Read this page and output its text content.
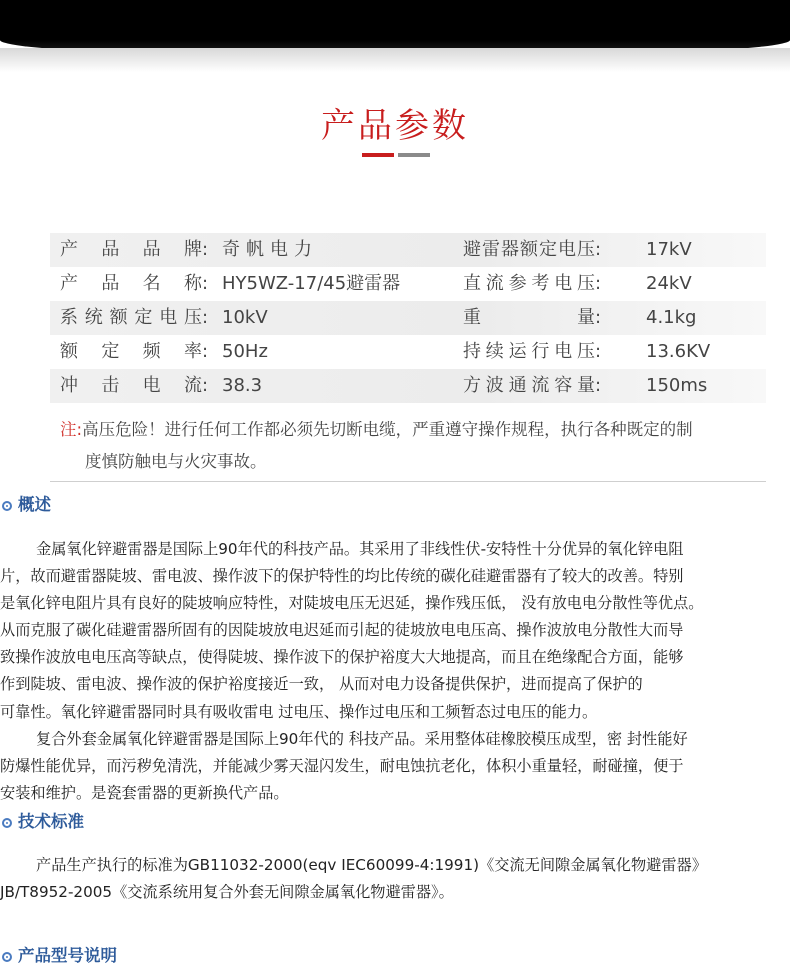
产品参数
产品品牌 : 奇帆电力	避雷器额定电压 : 17kV
产品名称 : HY5WZ-17/45避雷器	直流参考电压 : 24kV
系统额定电压 : 10kV	重量 : 4.1kg
额定频率 : 50Hz	持续运行电压 : 13.6KV
冲击电流 : 38.3	方波通流容量 : 150ms
注:高压危险！进行任何工作都必须先切断电缆，严重遵守操作规程，执行各种既定的制
度慎防触电与火灾事故。
概述
金属氧化锌避雷器是国际上90年代的科技产品。其采用了非线性伏-安特性十分优异的氧化锌电阻
片，故而避雷器陡坡、雷电波、操作波下的保护特性的均比传统的碳化硅避雷器有了较大的改善。特别
是氧化锌电阻片具有良好的陡坡响应特性，对陡坡电压无迟延，操作残压低， 没有放电电分散性等优点。
从而克服了碳化硅避雷器所固有的因陡坡放电迟延而引起的徒坡放电电压高、操作波放电分散性大而导
致操作波放电电压高等缺点，使得陡坡、操作波下的保护裕度大大地提高，而且在绝缘配合方面，能够
作到陡坡、雷电波、操作波的保护裕度接近一致， 从而对电力设备提供保护，进而提高了保护的
可靠性。氧化锌避雷器同时具有吸收雷电 过电压、操作过电压和工频暂态过电压的能力。
复合外套金属氧化锌避雷器是国际上90年代的 科技产品。采用整体硅橡胶模压成型，密 封性能好
防爆性能优异，而污秽免清洗，并能减少雾天湿闪发生，耐电蚀抗老化，体积小重量轻，耐碰撞，便于
安装和维护。是瓷套雷器的更新换代产品。
技术标准
产品生产执行的标准为GB11032-2000(eqv IEC60099-4:1991)《交流无间隙金属氧化物避雷器》
JB/T8952-2005《交流系统用复合外套无间隙金属氧化物避雷器》。
产品型号说明
